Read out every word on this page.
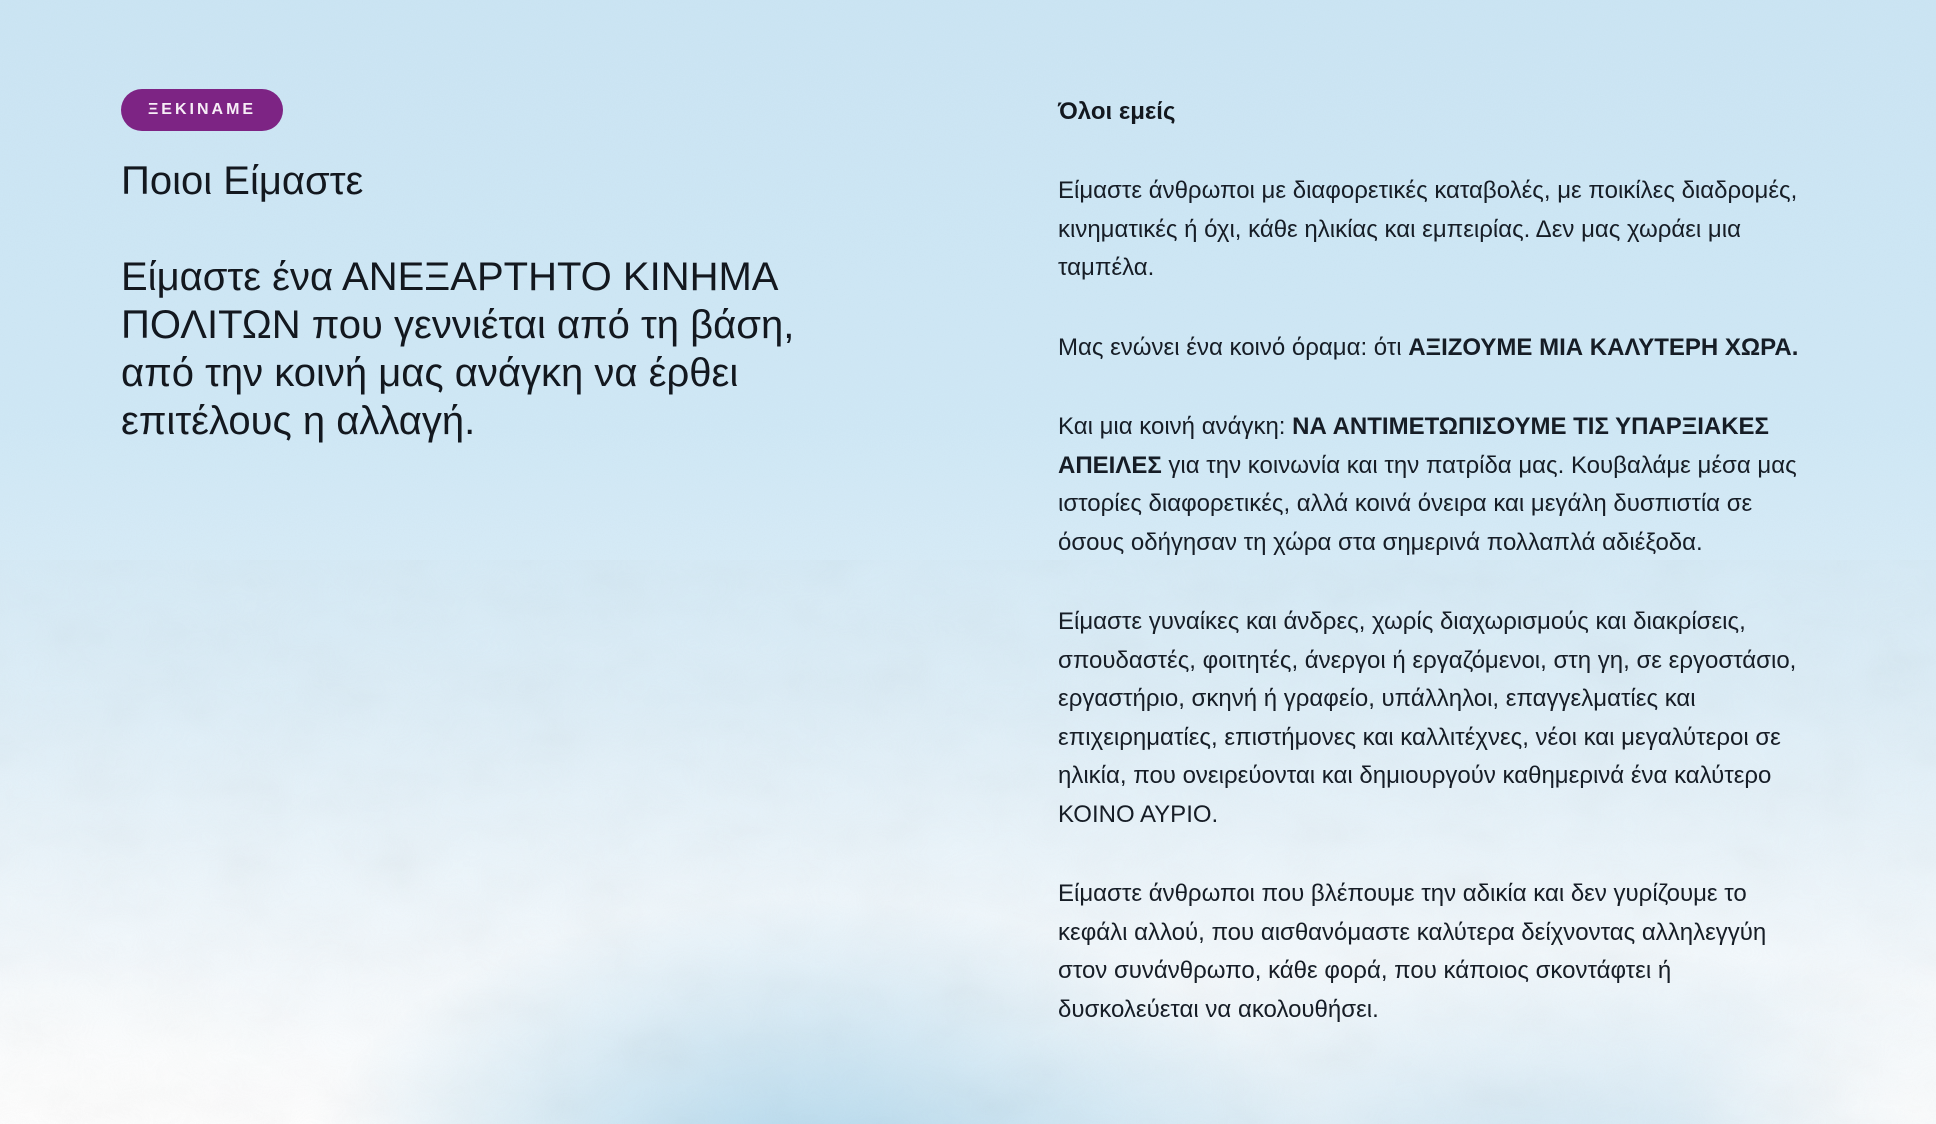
ΞΕΚΙΝΑΜΕ
Ποιοι Είμαστε

Είμαστε ένα ΑΝΕΞΑΡΤΗΤΟ ΚΙΝΗΜΑ ΠΟΛΙΤΩΝ που γεννιέται από τη βάση, από την κοινή μας ανάγκη να έρθει επιτέλους η αλλαγή.

Όλοι εμείς

Είμαστε άνθρωποι με διαφορετικές καταβολές, με ποικίλες διαδρομές, κινηματικές ή όχι, κάθε ηλικίας και εμπειρίας. Δεν μας χωράει μια ταμπέλα.

Μας ενώνει ένα κοινό όραμα: ότι ΑΞΙΖΟΥΜΕ ΜΙΑ ΚΑΛΥΤΕΡΗ ΧΩΡΑ.

Και μια κοινή ανάγκη: ΝΑ ΑΝΤΙΜΕΤΩΠΙΣΟΥΜΕ ΤΙΣ ΥΠΑΡΞΙΑΚΕΣ ΑΠΕΙΛΕΣ για την κοινωνία και την πατρίδα μας. Κουβαλάμε μέσα μας ιστορίες διαφορετικές, αλλά κοινά όνειρα και μεγάλη δυσπιστία σε όσους οδήγησαν τη χώρα στα σημερινά πολλαπλά αδιέξοδα.

Είμαστε γυναίκες και άνδρες, χωρίς διαχωρισμούς και διακρίσεις, σπουδαστές, φοιτητές, άνεργοι ή εργαζόμενοι, στη γη, σε εργοστάσιο, εργαστήριο, σκηνή ή γραφείο, υπάλληλοι, επαγγελματίες και επιχειρηματίες, επιστήμονες και καλλιτέχνες, νέοι και μεγαλύτεροι σε ηλικία, που ονειρεύονται και δημιουργούν καθημερινά ένα καλύτερο ΚΟΙΝΟ ΑΥΡΙΟ.

Είμαστε άνθρωποι που βλέπουμε την αδικία και δεν γυρίζουμε το κεφάλι αλλού, που αισθανόμαστε καλύτερα δείχνοντας αλληλεγγύη στον συνάνθρωπο, κάθε φορά, που κάποιος σκοντάφτει ή δυσκολεύεται να ακολουθήσει.
